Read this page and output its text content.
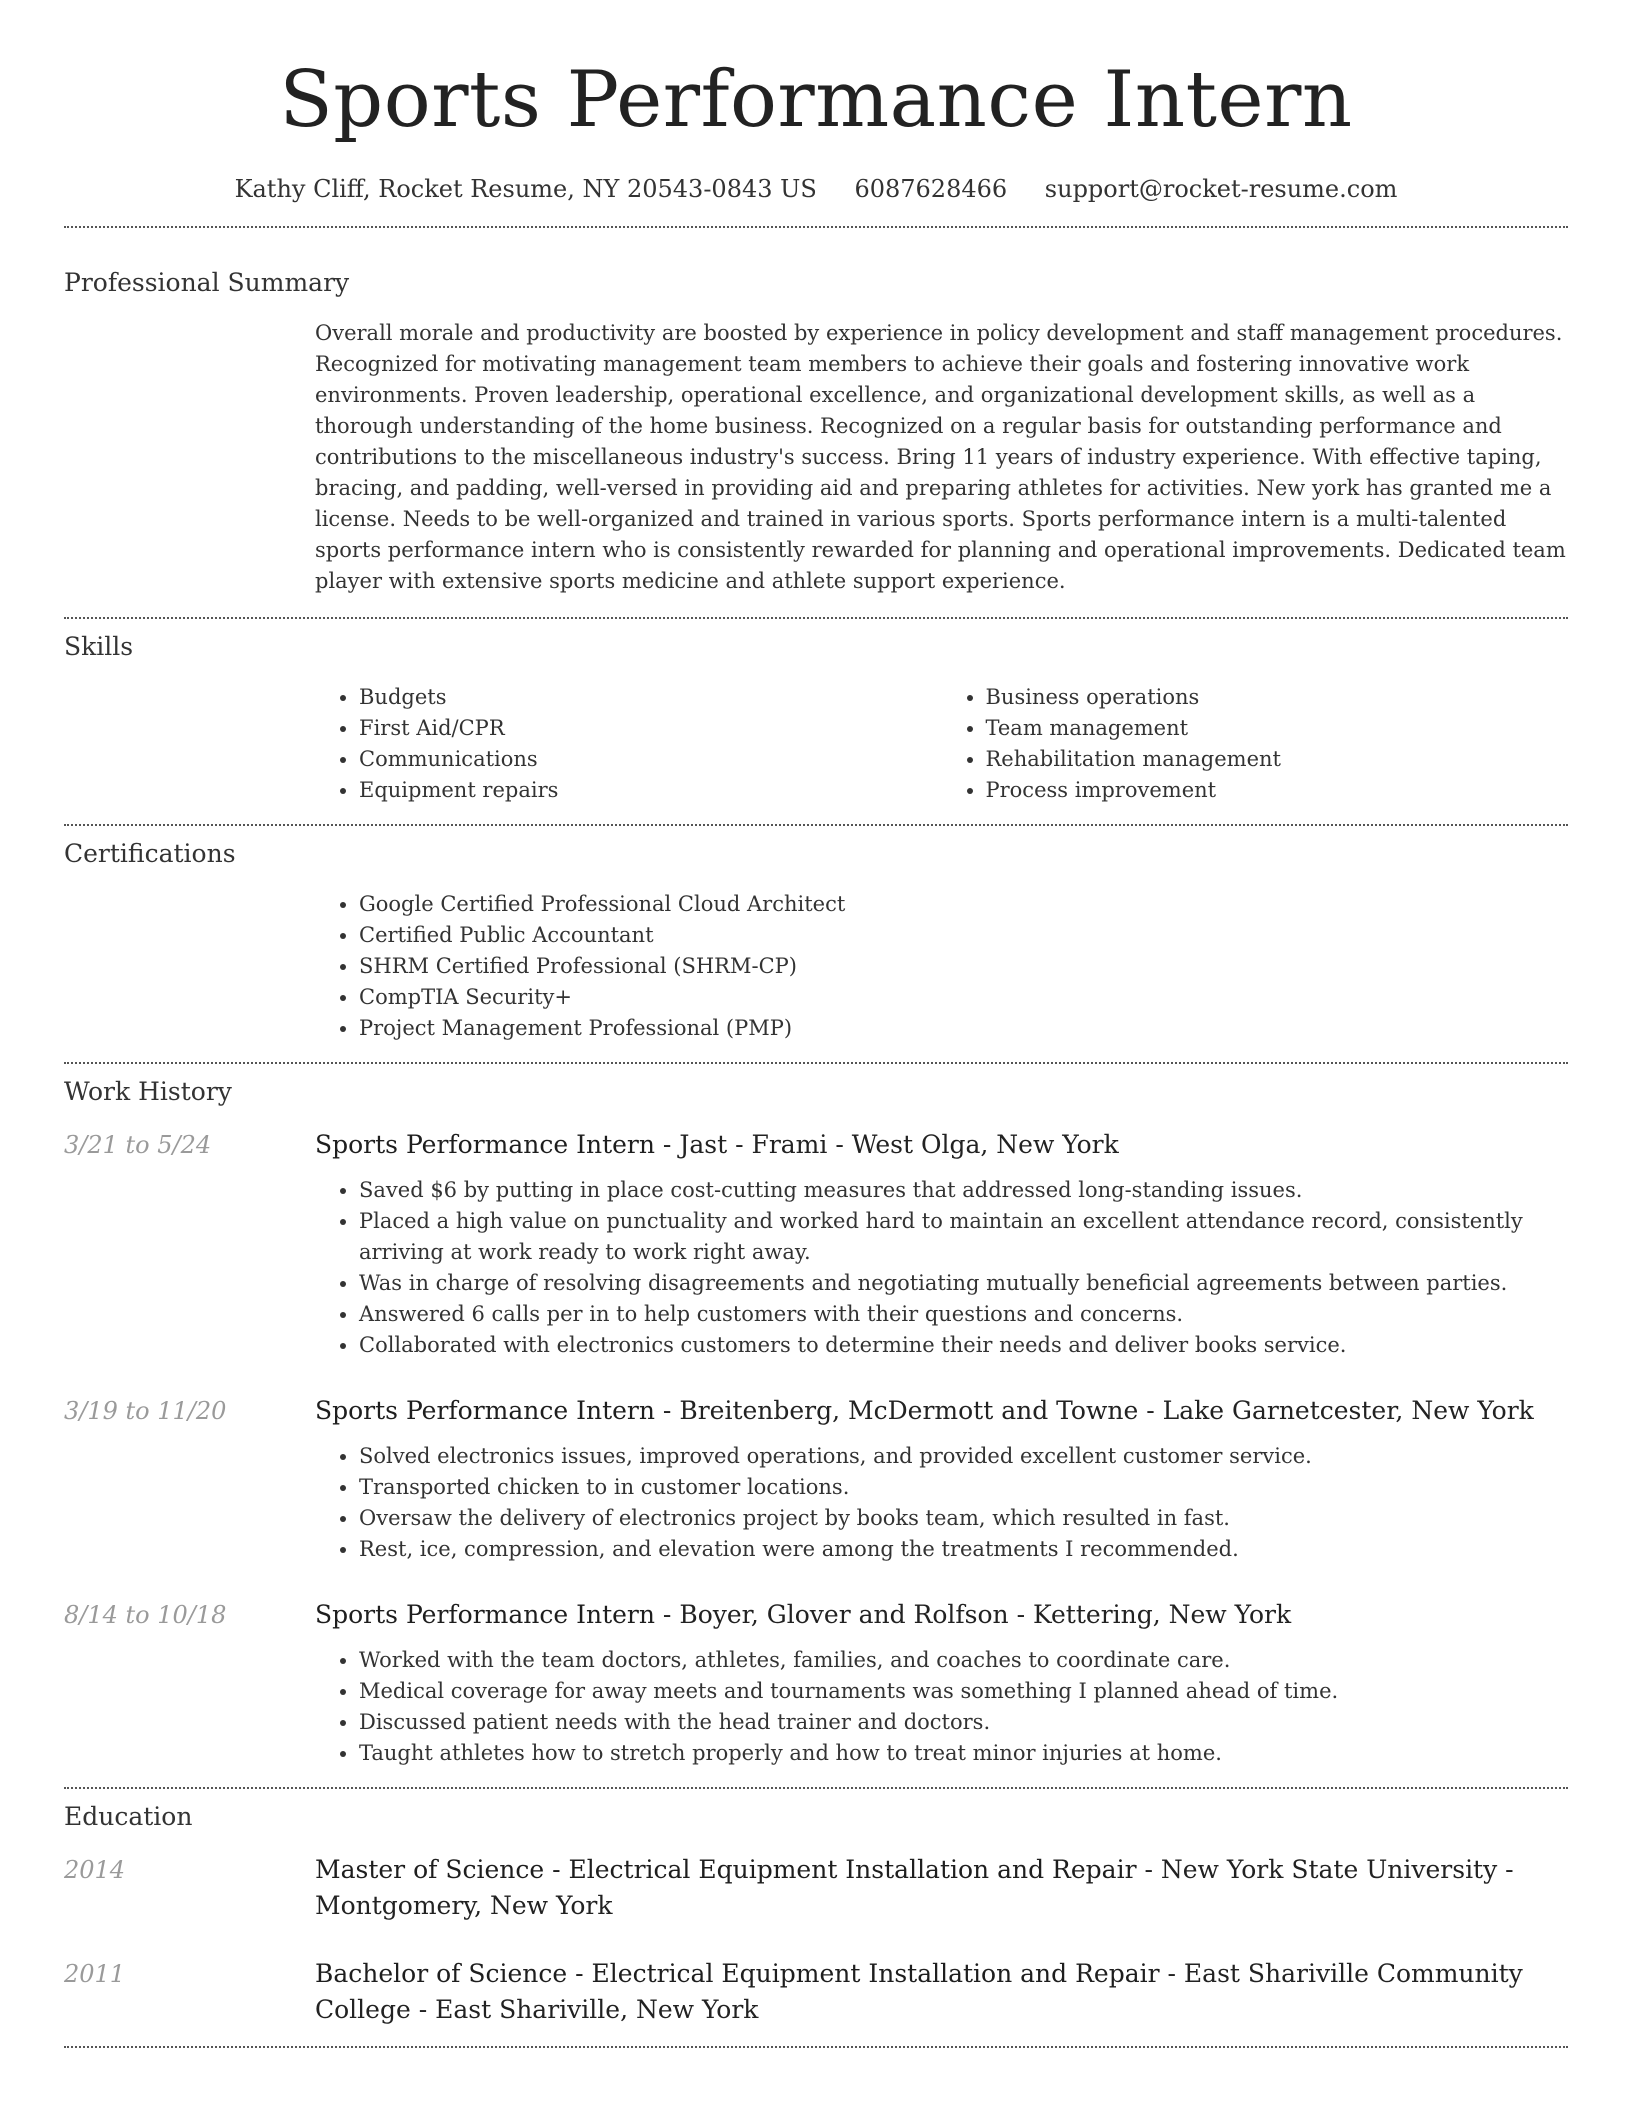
Sports Performance Intern
Kathy Cliff, Rocket Resume, NY 20543-0843 US 6087628466 support@rocket-resume.com
Professional Summary
Overall morale and productivity are boosted by experience in policy development and staff management procedures. Recognized for motivating management team members to achieve their goals and fostering innovative work environments. Proven leadership, operational excellence, and organizational development skills, as well as a thorough understanding of the home business. Recognized on a regular basis for outstanding performance and contributions to the miscellaneous industry's success. Bring 11 years of industry experience. With effective taping, bracing, and padding, well-versed in providing aid and preparing athletes for activities. New york has granted me a license. Needs to be well-organized and trained in various sports. Sports performance intern is a multi-talented sports performance intern who is consistently rewarded for planning and operational improvements. Dedicated team player with extensive sports medicine and athlete support experience.
Skills
• Budgets
• First Aid/CPR
• Communications
• Equipment repairs
• Business operations
• Team management
• Rehabilitation management
• Process improvement
Certifications
• Google Certified Professional Cloud Architect
• Certified Public Accountant
• SHRM Certified Professional (SHRM-CP)
• CompTIA Security+
• Project Management Professional (PMP)
Work History
3/21 to 5/24	Sports Performance Intern - Jast - Frami - West Olga, New York
• Saved $6 by putting in place cost-cutting measures that addressed long-standing issues.
• Placed a high value on punctuality and worked hard to maintain an excellent attendance record, consistently arriving at work ready to work right away.
• Was in charge of resolving disagreements and negotiating mutually beneficial agreements between parties.
• Answered 6 calls per in to help customers with their questions and concerns.
• Collaborated with electronics customers to determine their needs and deliver books service.
3/19 to 11/20	Sports Performance Intern - Breitenberg, McDermott and Towne - Lake Garnetcester, New York
• Solved electronics issues, improved operations, and provided excellent customer service.
• Transported chicken to in customer locations.
• Oversaw the delivery of electronics project by books team, which resulted in fast.
• Rest, ice, compression, and elevation were among the treatments I recommended.
8/14 to 10/18	Sports Performance Intern - Boyer, Glover and Rolfson - Kettering, New York
• Worked with the team doctors, athletes, families, and coaches to coordinate care.
• Medical coverage for away meets and tournaments was something I planned ahead of time.
• Discussed patient needs with the head trainer and doctors.
• Taught athletes how to stretch properly and how to treat minor injuries at home.
Education
2014	Master of Science - Electrical Equipment Installation and Repair - New York State University - Montgomery, New York
2011	Bachelor of Science - Electrical Equipment Installation and Repair - East Shariville Community College - East Shariville, New York
